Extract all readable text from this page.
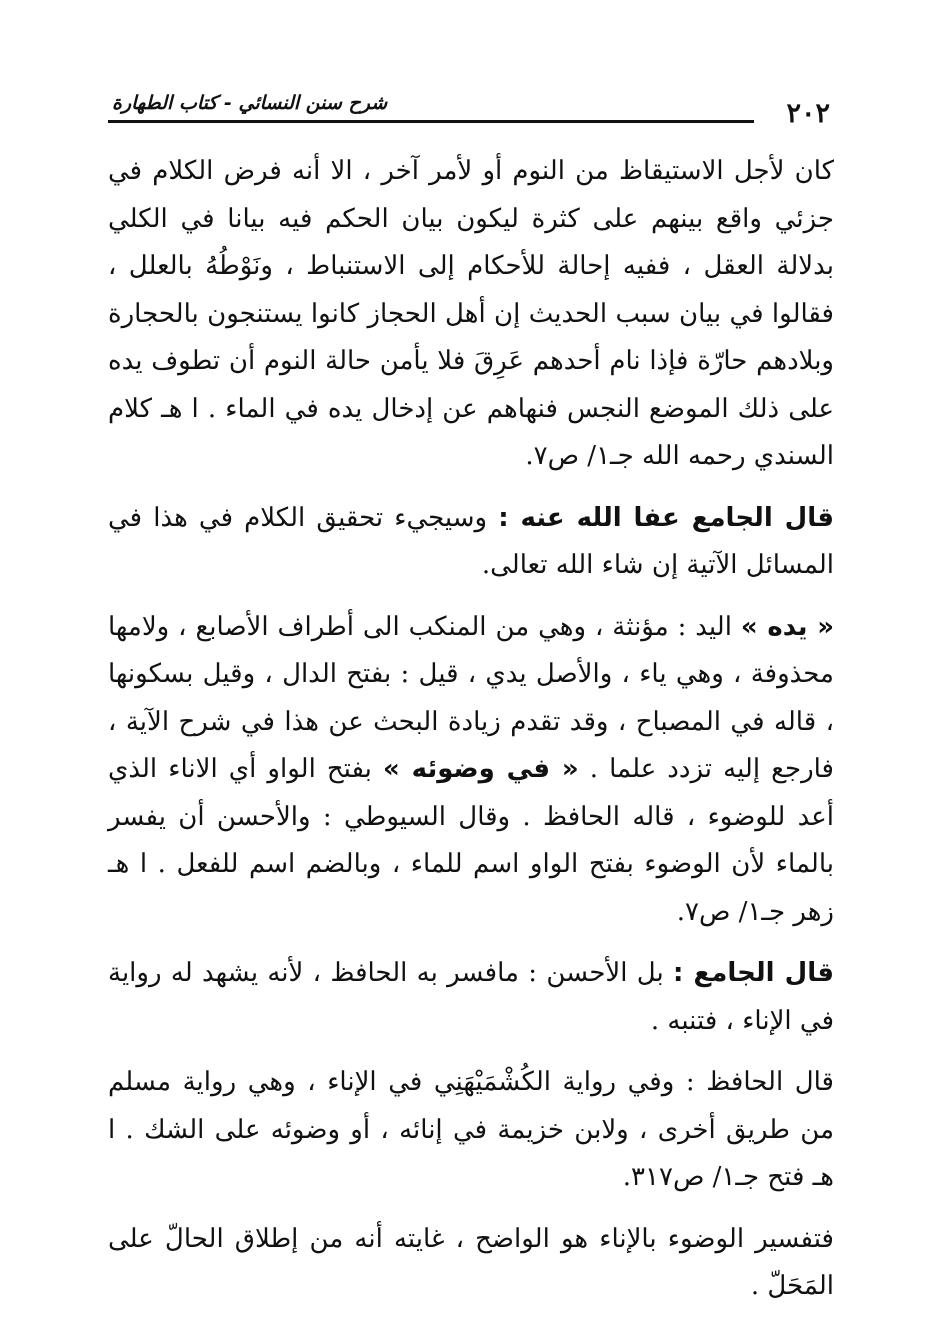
٢٠٢
شرح سنن النسائي - كتاب الطهارة

كان لأجل الاستيقاظ من النوم أو لأمر آخر ، الا أنه فرض الكلام في جزئي واقع بينهم على كثرة ليكون بيان الحكم فيه بيانا في الكلي بدلالة العقل ، ففيه إحالة للأحكام إلى الاستنباط ، ونَوْطُهُ بالعلل ، فقالوا في بيان سبب الحديث إن أهل الحجاز كانوا يستنجون بالحجارة وبلادهم حارّة فإذا نام أحدهم عَرِقَ فلا يأمن حالة النوم أن تطوف يده على ذلك الموضع النجس فنهاهم عن إدخال يده في الماء . ا هـ كلام السندي رحمه الله جـ١/ ص٧.

قال الجامع عفا الله عنه : وسيجيء تحقيق الكلام في هذا في المسائل الآتية إن شاء الله تعالى.

« يده » اليد : مؤنثة ، وهي من المنكب الى أطراف الأصابع ، ولامها محذوفة ، وهي ياء ، والأصل يدي ، قيل : بفتح الدال ، وقيل بسكونها ، قاله في المصباح ، وقد تقدم زيادة البحث عن هذا في شرح الآية ، فارجع إليه تزدد علما . « في وضوئه » بفتح الواو أي الاناء الذي أعد للوضوء ، قاله الحافظ . وقال السيوطي : والأحسن أن يفسر بالماء لأن الوضوء بفتح الواو اسم للماء ، وبالضم اسم للفعل . ا هـ زهر جـ١/ ص٧.

قال الجامع : بل الأحسن : مافسر به الحافظ ، لأنه يشهد له رواية في الإناء ، فتنبه .

قال الحافظ : وفي رواية الكُشْمَيْهَنِي في الإناء ، وهي رواية مسلم من طريق أخرى ، ولابن خزيمة في إنائه ، أو وضوئه على الشك . ا هـ فتح جـ١/ ص٣١٧.

فتفسير الوضوء بالإناء هو الواضح ، غايته أنه من إطلاق الحالّ على المَحَلّ .
